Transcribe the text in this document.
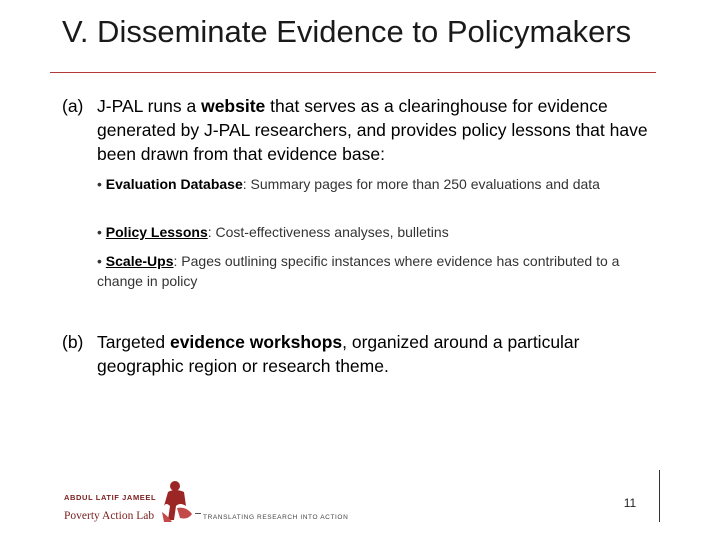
V. Disseminate Evidence to Policymakers
(a) J-PAL runs a website that serves as a clearinghouse for evidence generated by J-PAL researchers, and provides policy lessons that have been drawn from that evidence base:
• Evaluation Database: Summary pages for more than 250 evaluations and data
• Policy Lessons: Cost-effectiveness analyses, bulletins
• Scale-Ups: Pages outlining specific instances where evidence has contributed to a change in policy
(b) Targeted evidence workshops, organized around a particular geographic region or research theme.
ABDUL LATIF JAMEEL
Poverty Action Lab	TRANSLATING RESEARCH INTO ACTION
11
